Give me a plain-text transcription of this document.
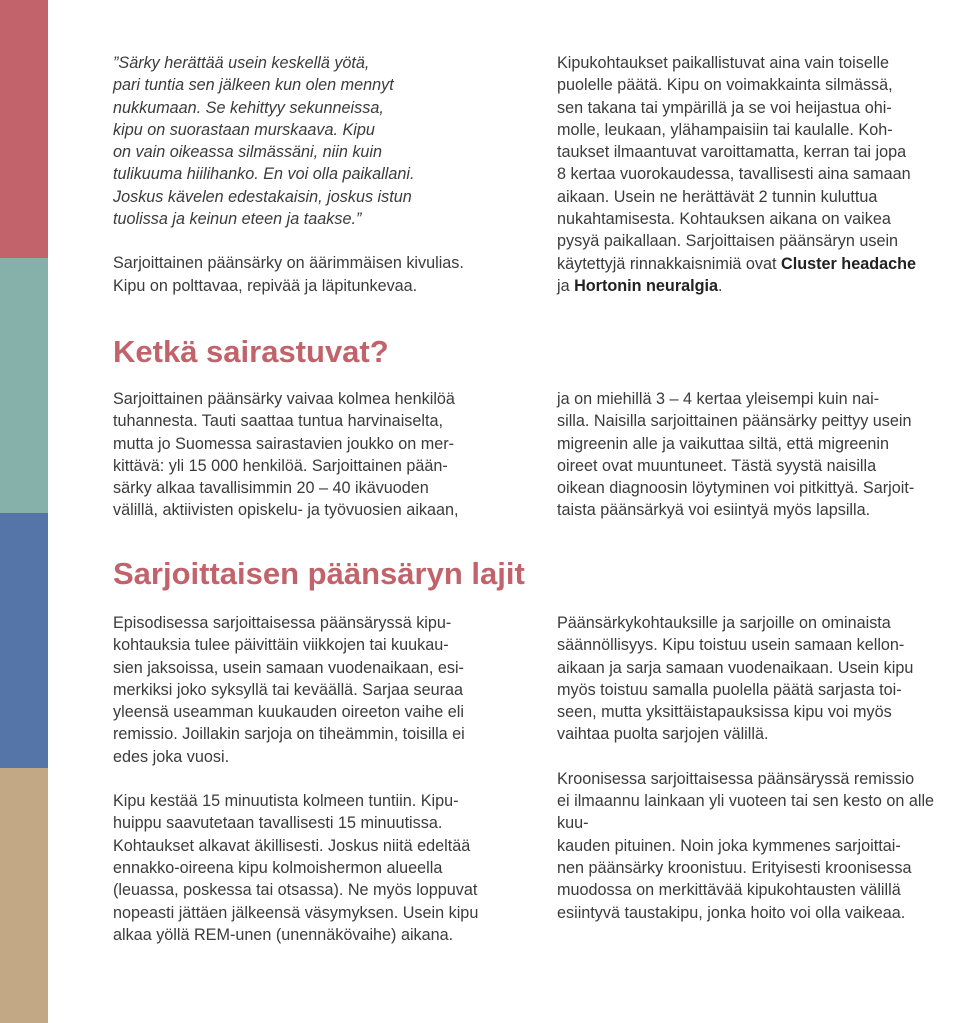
”Särky herättää usein keskellä yötä,
pari tuntia sen jälkeen kun olen mennyt
nukkumaan. Se kehittyy sekunneissa,
kipu on suorastaan murskaava. Kipu
on vain oikeassa silmässäni, niin kuin
tulikuuma hiilihanko. En voi olla paikallani.
Joskus kävelen edestakaisin, joskus istun
tuolissa ja keinun eteen ja taakse.”

Sarjoittainen päänsärky on äärimmäisen kivulias.
Kipu on polttavaa, repivää ja läpitunkevaa.

Kipukohtaukset paikallistuvat aina vain toiselle
puolelle päätä. Kipu on voimakkainta silmässä,
sen takana tai ympärillä ja se voi heijastua ohi-
molle, leukaan, ylähampaisiin tai kaulalle. Koh-
taukset ilmaantuvat varoittamatta, kerran tai jopa
8 kertaa vuorokaudessa, tavallisesti aina samaan
aikaan. Usein ne herättävät 2 tunnin kuluttua
nukahtamisesta. Kohtauksen aikana on vaikea
pysyä paikallaan. Sarjoittaisen päänsäryn usein
käytettyjä rinnakkaisnimiä ovat Cluster headache
ja Hortonin neuralgia.

Ketkä sairastuvat?

Sarjoittainen päänsärky vaivaa kolmea henkilöä
tuhannesta. Tauti saattaa tuntua harvinaiselta,
mutta jo Suomessa sairastavien joukko on mer-
kittävä: yli 15 000 henkilöä. Sarjoittainen pään-
särky alkaa tavallisimmin 20 – 40 ikävuoden
välillä, aktiivisten opiskelu- ja työvuosien aikaan,

ja on miehillä 3 – 4 kertaa yleisempi kuin nai-
silla. Naisilla sarjoittainen päänsärky peittyy usein
migreenin alle ja vaikuttaa siltä, että migreenin
oireet ovat muuntuneet. Tästä syystä naisilla
oikean diagnoosin löytyminen voi pitkittyä. Sarjoit-
taista päänsärkyä voi esiintyä myös lapsilla.

Sarjoittaisen päänsäryn lajit

Episodisessa sarjoittaisessa päänsäryssä kipu-
kohtauksia tulee päivittäin viikkojen tai kuukau-
sien jaksoissa, usein samaan vuodenaikaan, esi-
merkiksi joko syksyllä tai keväällä. Sarjaa seuraa
yleensä useamman kuukauden oireeton vaihe eli
remissio. Joillakin sarjoja on tiheämmin, toisilla ei
edes joka vuosi.

Kipu kestää 15 minuutista kolmeen tuntiin. Kipu-
huippu saavutetaan tavallisesti 15 minuutissa.
Kohtaukset alkavat äkillisesti. Joskus niitä edeltää
ennakko-oireena kipu kolmoishermon alueella
(leuassa, poskessa tai otsassa). Ne myös loppuvat
nopeasti jättäen jälkeensä väsymyksen. Usein kipu
alkaa yöllä REM-unen (unennäkövaihe) aikana.

Päänsärkykohtauksille ja sarjoille on ominaista
säännöllisyys. Kipu toistuu usein samaan kellon-
aikaan ja sarja samaan vuodenaikaan. Usein kipu
myös toistuu samalla puolella päätä sarjasta toi-
seen, mutta yksittäistapauksissa kipu voi myös
vaihtaa puolta sarjojen välillä.

Kroonisessa sarjoittaisessa päänsäryssä remissio
ei ilmaannu lainkaan yli vuoteen tai sen kesto on alle kuu-
kauden pituinen. Noin joka kymmenes sarjoittai-
nen päänsärky kroonistuu. Erityisesti kroonisessa
muodossa on merkittävää kipukohtausten välillä
esiintyvä taustakipu, jonka hoito voi olla vaikeaa.
